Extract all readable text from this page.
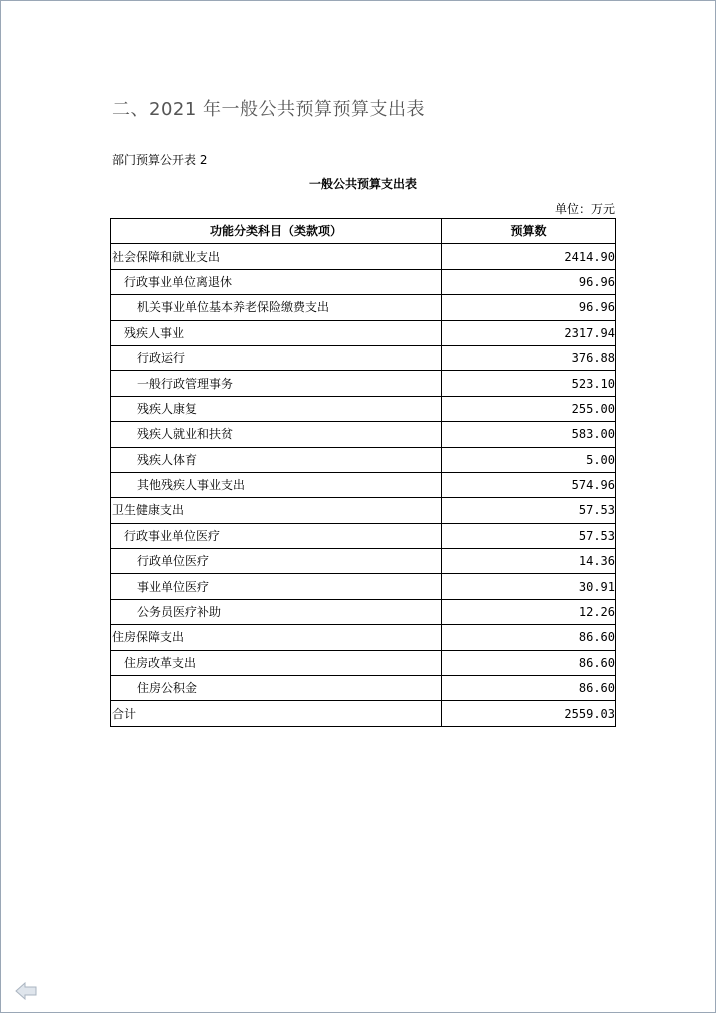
二、2021 年一般公共预算预算支出表
部门预算公开表 2
一般公共预算支出表
单位：万元
功能分类科目（类款项）	预算数
社会保障和就业支出	2414.90
行政事业单位离退休	96.96
机关事业单位基本养老保险缴费支出	96.96
残疾人事业	2317.94
行政运行	376.88
一般行政管理事务	523.10
残疾人康复	255.00
残疾人就业和扶贫	583.00
残疾人体育	5.00
其他残疾人事业支出	574.96
卫生健康支出	57.53
行政事业单位医疗	57.53
行政单位医疗	14.36
事业单位医疗	30.91
公务员医疗补助	12.26
住房保障支出	86.60
住房改革支出	86.60
住房公积金	86.60
合计	2559.03
